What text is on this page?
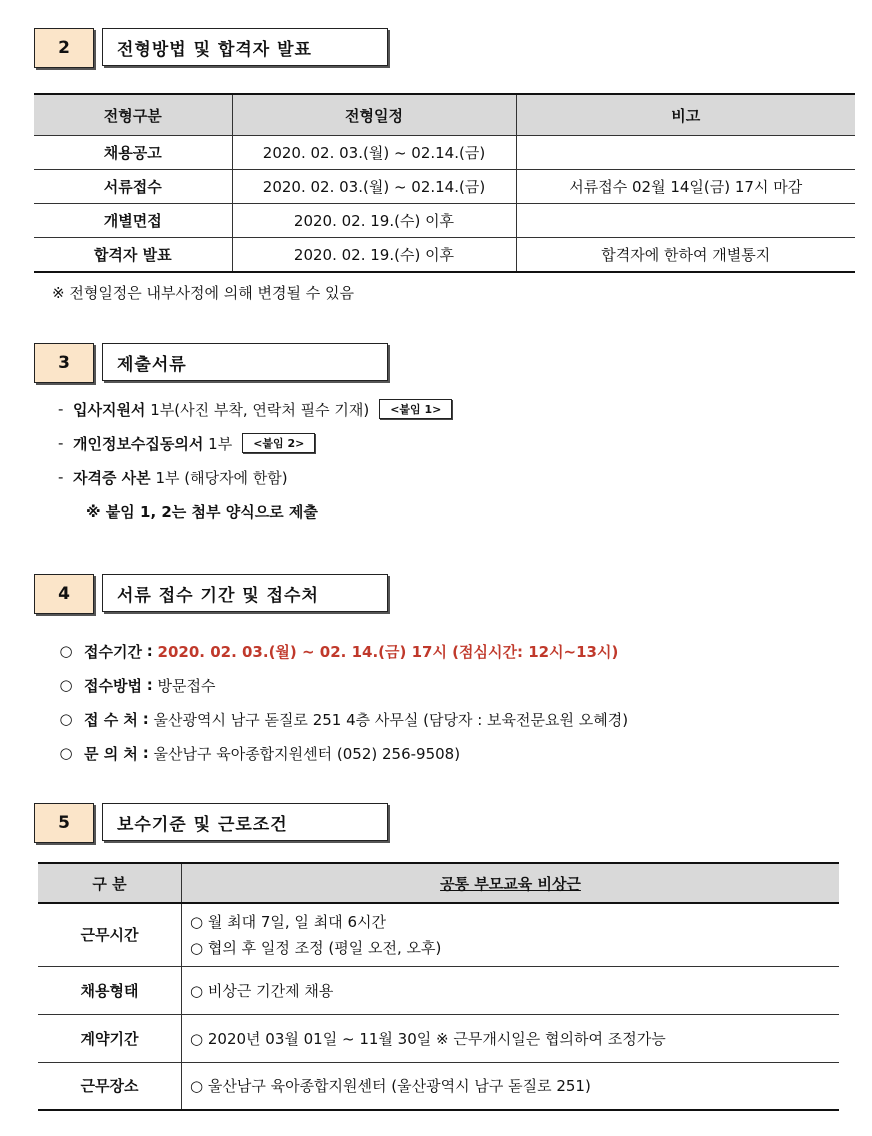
2	전형방법 및 합격자 발표
전형구분	전형일정	비고
채용공고	2020. 02. 03.(월) ~ 02.14.(금)	
서류접수	2020. 02. 03.(월) ~ 02.14.(금)	서류접수 02월 14일(금) 17시 마감
개별면접	2020. 02. 19.(수) 이후	
합격자 발표	2020. 02. 19.(수) 이후	합격자에 한하여 개별통지
※ 전형일정은 내부사정에 의해 변경될 수 있음
3	제출서류
-
입사지원서
1부(사진 부착, 연락처 필수 기재)	<붙임 1>
-
개인정보수집동의서
1부	<붙임 2>
-
자격증 사본
1부 (해당자에 한함)
※ 붙임 1, 2는 첨부 양식으로 제출
4	서류 접수 기간 및 접수처
○ 접수기간
:
2020. 02. 03.(월) ~ 02. 14.(금) 17시 (점심시간: 12시~13시)
○ 접수방법
:
방문접수
○ 접 수 처
:
울산광역시 남구 돋질로 251 4층 사무실 (담당자 : 보육전문요원 오혜경)
○ 문 의 처
:
울산남구 육아종합지원센터 (052) 256-9508)
5	보수기준 및 근로조건
구 분	공통 부모교육 비상근
근무시간	○ 월 최대 7일, 일 최대 6시간
○ 협의 후 일정 조정 (평일 오전, 오후)

채용형태	○ 비상근 기간제 채용

계약기간	○ 2020년 03월 01일 ~ 11월 30일 ※ 근무개시일은 협의하여 조정가능

근무장소	○ 울산남구 육아종합지원센터 (울산광역시 남구 돋질로 251)
